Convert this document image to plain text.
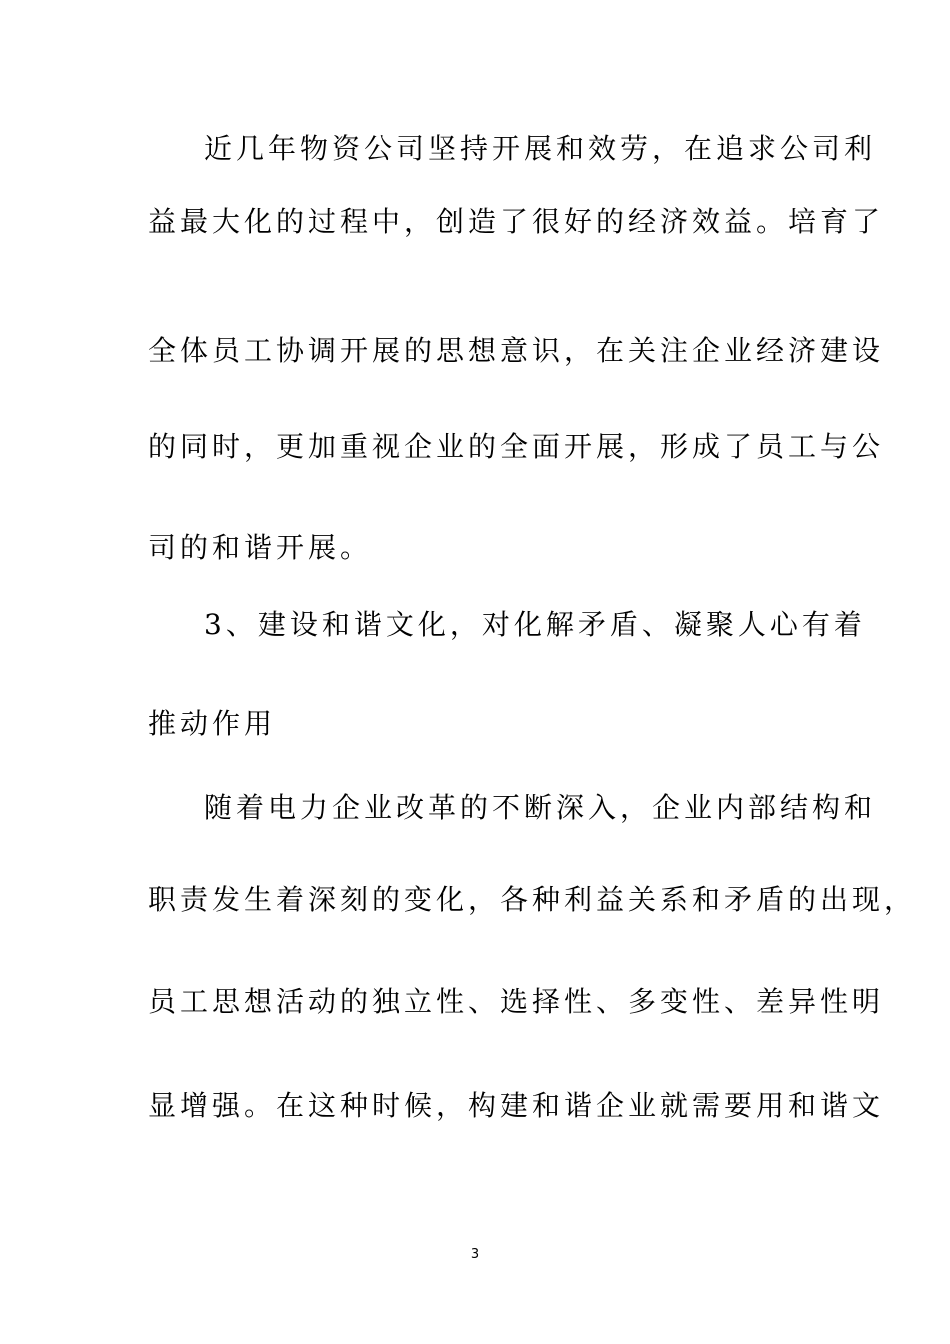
近几年物资公司坚持开展和效劳，在追求公司利
益最大化的过程中，创造了很好的经济效益。培育了
全体员工协调开展的思想意识，在关注企业经济建设
的同时，更加重视企业的全面开展，形成了员工与公
司的和谐开展。
3、建设和谐文化，对化解矛盾、凝聚人心有着
推动作用
随着电力企业改革的不断深入，企业内部结构和
职责发生着深刻的变化，各种利益关系和矛盾的出现，
员工思想活动的独立性、选择性、多变性、差异性明
显增强。在这种时候，构建和谐企业就需要用和谐文
3
